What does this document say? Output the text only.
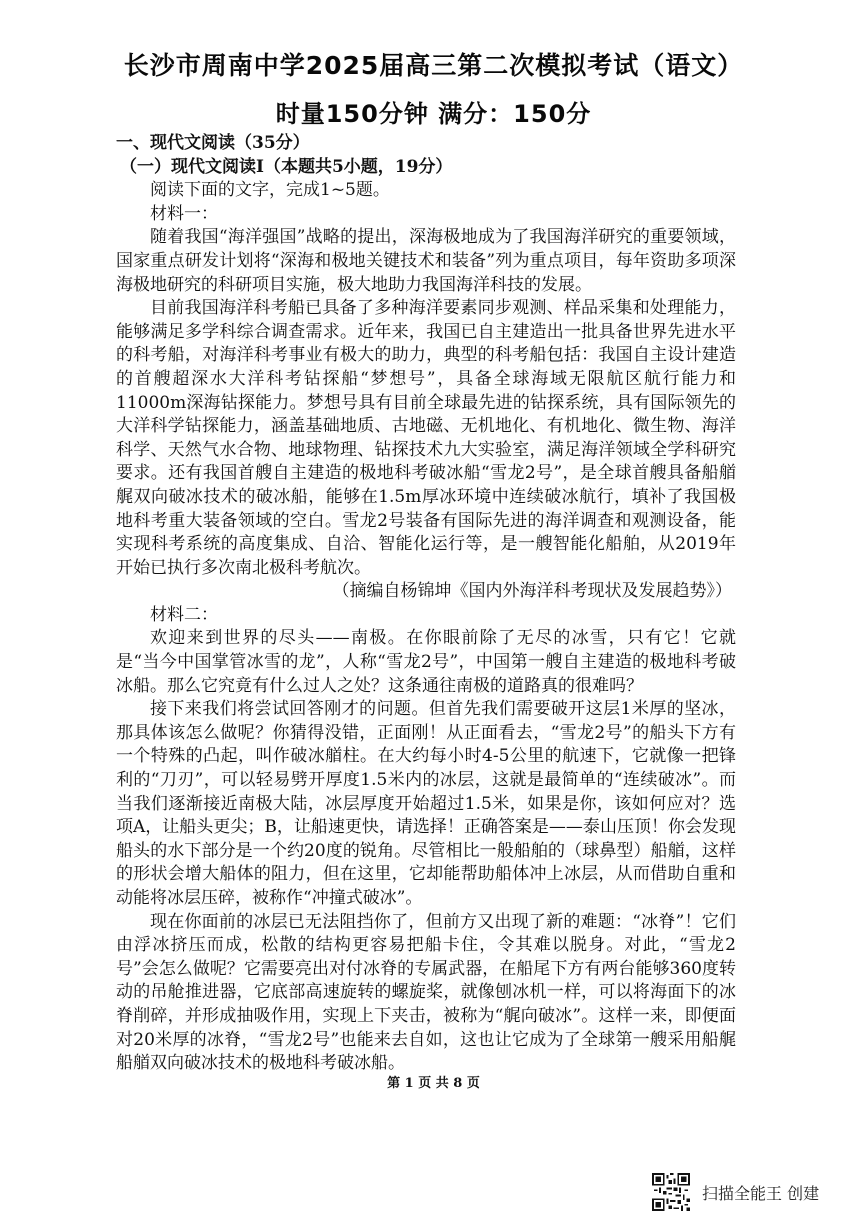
长沙市周南中学2025届高三第二次模拟考试（语文）
时量150分钟 满分：150分

一、现代文阅读（35分）

（一）现代文阅读Ⅰ（本题共5小题，19分）

阅读下面的文字，完成1~5题。

材料一：

随着我国“海洋强国”战略的提出，深海极地成为了我国海洋研究的重要领域，国家重点研发计划将“深海和极地关键技术和装备”列为重点项目，每年资助多项深海极地研究的科研项目实施，极大地助力我国海洋科技的发展。

目前我国海洋科考船已具备了多种海洋要素同步观测、样品采集和处理能力，能够满足多学科综合调查需求。近年来，我国已自主建造出一批具备世界先进水平的科考船，对海洋科考事业有极大的助力，典型的科考船包括：我国自主设计建造的首艘超深水大洋科考钻探船“梦想号”，具备全球海域无限航区航行能力和11000m深海钻探能力。梦想号具有目前全球最先进的钻探系统，具有国际领先的大洋科学钻探能力，涵盖基础地质、古地磁、无机地化、有机地化、微生物、海洋科学、天然气水合物、地球物理、钻探技术九大实验室，满足海洋领域全学科研究要求。还有我国首艘自主建造的极地科考破冰船“雪龙2号”，是全球首艘具备船艏艉双向破冰技术的破冰船，能够在1.5m厚冰环境中连续破冰航行，填补了我国极地科考重大装备领域的空白。雪龙2号装备有国际先进的海洋调查和观测设备，能实现科考系统的高度集成、自洽、智能化运行等，是一艘智能化船舶，从2019年开始已执行多次南北极科考航次。

（摘编自杨锦坤《国内外海洋科考现状及发展趋势》）

材料二：

欢迎来到世界的尽头——南极。在你眼前除了无尽的冰雪，只有它！它就是“当今中国掌管冰雪的龙”，人称“雪龙2号”，中国第一艘自主建造的极地科考破冰船。那么它究竟有什么过人之处？这条通往南极的道路真的很难吗？

接下来我们将尝试回答刚才的问题。但首先我们需要破开这层1米厚的坚冰，那具体该怎么做呢？你猜得没错，正面刚！从正面看去，“雪龙2号”的船头下方有一个特殊的凸起，叫作破冰艏柱。在大约每小时4-5公里的航速下，它就像一把锋利的“刀刃”，可以轻易劈开厚度1.5米内的冰层，这就是最简单的“连续破冰”。而当我们逐渐接近南极大陆，冰层厚度开始超过1.5米，如果是你，该如何应对？选项A，让船头更尖；B，让船速更快，请选择！正确答案是——泰山压顶！你会发现船头的水下部分是一个约20度的锐角。尽管相比一般船舶的（球鼻型）船艏，这样的形状会增大船体的阻力，但在这里，它却能帮助船体冲上冰层，从而借助自重和动能将冰层压碎，被称作“冲撞式破冰”。

现在你面前的冰层已无法阻挡你了，但前方又出现了新的难题：“冰脊”！它们由浮冰挤压而成，松散的结构更容易把船卡住，令其难以脱身。对此，“雪龙2号”会怎么做呢？它需要亮出对付冰脊的专属武器，在船尾下方有两台能够360度转动的吊舱推进器，它底部高速旋转的螺旋桨，就像刨冰机一样，可以将海面下的冰脊削碎，并形成抽吸作用，实现上下夹击，被称为“艉向破冰”。这样一来，即便面对20米厚的冰脊，“雪龙2号”也能来去自如，这也让它成为了全球第一艘采用船艉船艏双向破冰技术的极地科考破冰船。

第 1 页 共 8 页
扫描全能王 创建
